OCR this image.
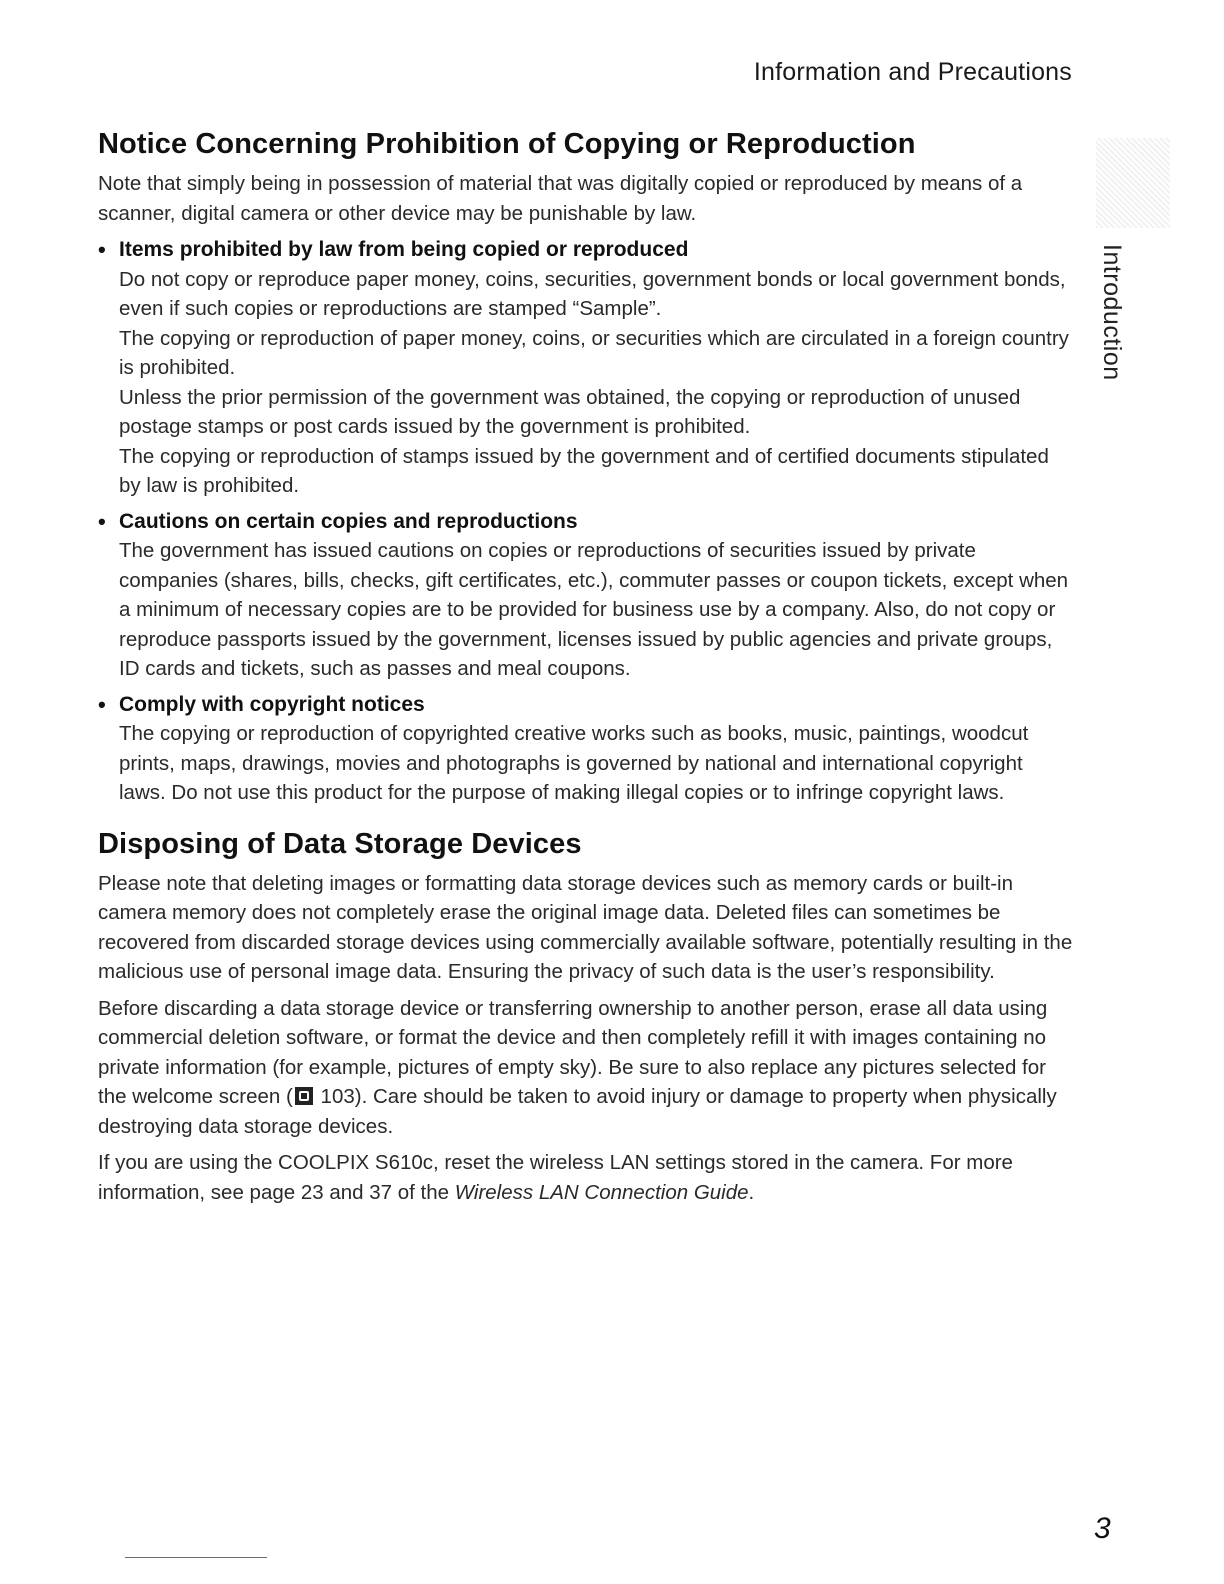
Information and Precautions
Introduction
Notice Concerning Prohibition of Copying or Reproduction

Note that simply being in possession of material that was digitally copied or reproduced by means of a scanner, digital camera or other device may be punishable by law.

• Items prohibited by law from being copied or reproduced

Do not copy or reproduce paper money, coins, securities, government bonds or local government bonds, even if such copies or reproductions are stamped “Sample”.

The copying or reproduction of paper money, coins, or securities which are circulated in a foreign country is prohibited.

Unless the prior permission of the government was obtained, the copying or reproduction of unused postage stamps or post cards issued by the government is prohibited.

The copying or reproduction of stamps issued by the government and of certified documents stipulated by law is prohibited.

• Cautions on certain copies and reproductions

The government has issued cautions on copies or reproductions of securities issued by private companies (shares, bills, checks, gift certificates, etc.), commuter passes or coupon tickets, except when a minimum of necessary copies are to be provided for business use by a company. Also, do not copy or reproduce passports issued by the government, licenses issued by public agencies and private groups, ID cards and tickets, such as passes and meal coupons.

• Comply with copyright notices

The copying or reproduction of copyrighted creative works such as books, music, paintings, woodcut prints, maps, drawings, movies and photographs is governed by national and international copyright laws. Do not use this product for the purpose of making illegal copies or to infringe copyright laws.

Disposing of Data Storage Devices

Please note that deleting images or formatting data storage devices such as memory cards or built-in camera memory does not completely erase the original image data. Deleted files can sometimes be recovered from discarded storage devices using commercially available software, potentially resulting in the malicious use of personal image data. Ensuring the privacy of such data is the user’s responsibility.

Before discarding a data storage device or transferring ownership to another person, erase all data using commercial deletion software, or format the device and then completely refill it with images containing no private information (for example, pictures of empty sky). Be sure to also replace any pictures selected for the welcome screen ( 103). Care should be taken to avoid injury or damage to property when physically destroying data storage devices.

If you are using the COOLPIX S610c, reset the wireless LAN settings stored in the camera. For more information, see page 23 and 37 of the Wireless LAN Connection Guide.

3
